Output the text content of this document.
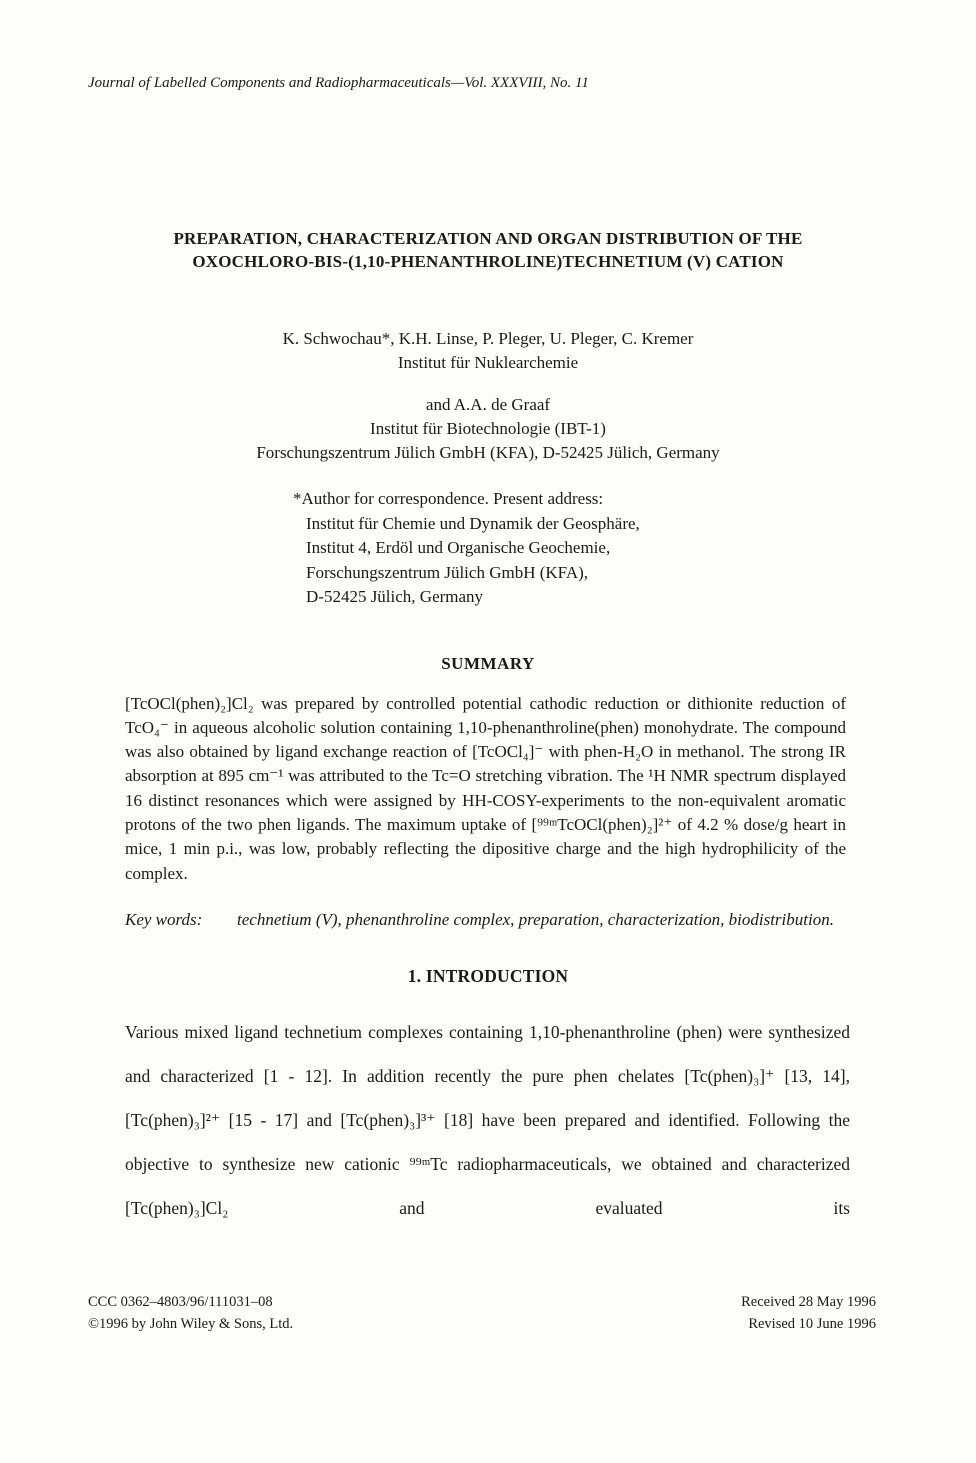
Journal of Labelled Components and Radiopharmaceuticals—Vol. XXXVIII, No. 11
PREPARATION, CHARACTERIZATION AND ORGAN DISTRIBUTION OF THE
OXOCHLORO-BIS-(1,10-PHENANTHROLINE)TECHNETIUM (V) CATION
K. Schwochau*, K.H. Linse, P. Pleger, U. Pleger, C. Kremer
Institut für Nuklearchemie
and A.A. de Graaf
Institut für Biotechnologie (IBT-1)
Forschungszentrum Jülich GmbH (KFA), D-52425 Jülich, Germany
*Author for correspondence. Present address:
Institut für Chemie und Dynamik der Geosphäre,
Institut 4, Erdöl und Organische Geochemie,
Forschungszentrum Jülich GmbH (KFA),
D-52425 Jülich, Germany
SUMMARY
[TcOCl(phen)₂]Cl₂ was prepared by controlled potential cathodic reduction or dithionite reduction of TcO₄⁻ in aqueous alcoholic solution containing 1,10-phenanthroline(phen) monohydrate. The compound was also obtained by ligand exchange reaction of [TcOCl₄]⁻ with phen-H₂O in methanol. The strong IR absorption at 895 cm⁻¹ was attributed to the Tc=O stretching vibration. The ¹H NMR spectrum displayed 16 distinct resonances which were assigned by HH-COSY-experiments to the non-equivalent aromatic protons of the two phen ligands. The maximum uptake of [⁹⁹ᵐTcOCl(phen)₂]²⁺ of 4.2 % dose/g heart in mice, 1 min p.i., was low, probably reflecting the dipositive charge and the high hydrophilicity of the complex.
Key words:	technetium (V), phenanthroline complex, preparation, characterization, biodistribution.
1. INTRODUCTION
Various mixed ligand technetium complexes containing 1,10-phenanthroline (phen) were synthesized and characterized [1 - 12]. In addition recently the pure phen chelates [Tc(phen)₃]⁺ [13, 14], [Tc(phen)₃]²⁺ [15 - 17] and [Tc(phen)₃]³⁺ [18] have been prepared and identified. Following the objective to synthesize new cationic ⁹⁹ᵐTc radiopharmaceuticals, we obtained and characterized [Tc(phen)₃]Cl₂ and evaluated its
CCC 0362–4803/96/111031–08
©1996 by John Wiley & Sons, Ltd.
Received 28 May 1996
Revised 10 June 1996
